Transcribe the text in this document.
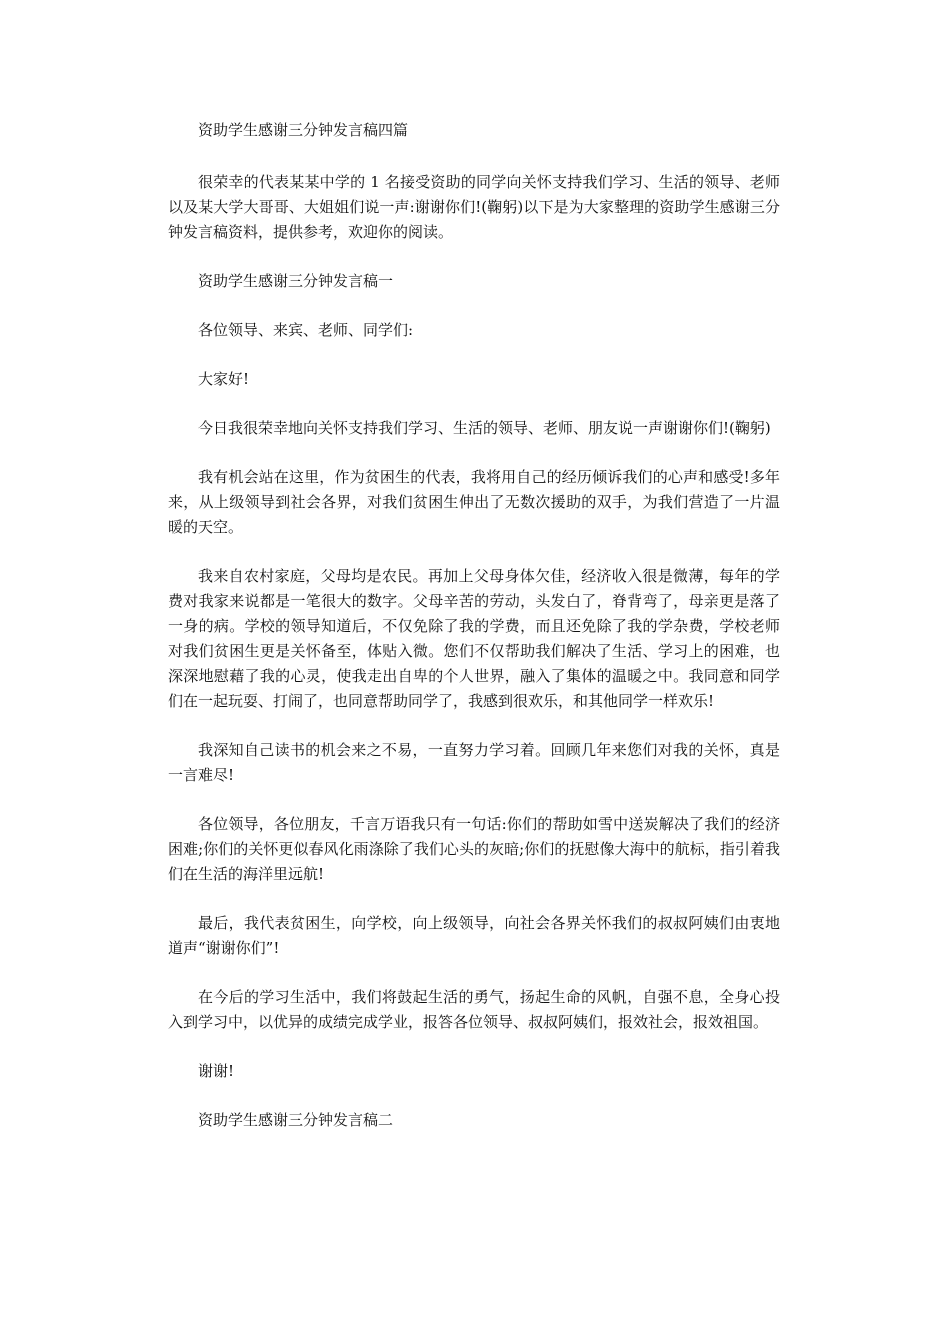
资助学生感谢三分钟发言稿四篇

很荣幸的代表某某中学的 1 名接受资助的同学向关怀支持我们学习、生活的领导、老师以及某大学大哥哥、大姐姐们说一声:谢谢你们!(鞠躬)以下是为大家整理的资助学生感谢三分钟发言稿资料，提供参考，欢迎你的阅读。

资助学生感谢三分钟发言稿一

各位领导、来宾、老师、同学们:

大家好!

今日我很荣幸地向关怀支持我们学习、生活的领导、老师、朋友说一声谢谢你们!(鞠躬)

我有机会站在这里，作为贫困生的代表，我将用自己的经历倾诉我们的心声和感受!多年来，从上级领导到社会各界，对我们贫困生伸出了无数次援助的双手，为我们营造了一片温暖的天空。

我来自农村家庭，父母均是农民。再加上父母身体欠佳，经济收入很是微薄，每年的学费对我家来说都是一笔很大的数字。父母辛苦的劳动，头发白了，脊背弯了，母亲更是落了一身的病。学校的领导知道后，不仅免除了我的学费，而且还免除了我的学杂费，学校老师对我们贫困生更是关怀备至，体贴入微。您们不仅帮助我们解决了生活、学习上的困难，也深深地慰藉了我的心灵，使我走出自卑的个人世界，融入了集体的温暖之中。我同意和同学们在一起玩耍、打闹了，也同意帮助同学了，我感到很欢乐，和其他同学一样欢乐!

我深知自己读书的机会来之不易，一直努力学习着。回顾几年来您们对我的关怀，真是一言难尽!

各位领导，各位朋友，千言万语我只有一句话:你们的帮助如雪中送炭解决了我们的经济困难;你们的关怀更似春风化雨涤除了我们心头的灰暗;你们的抚慰像大海中的航标，指引着我们在生活的海洋里远航!

最后，我代表贫困生，向学校，向上级领导，向社会各界关怀我们的叔叔阿姨们由衷地道声“谢谢你们”!

在今后的学习生活中，我们将鼓起生活的勇气，扬起生命的风帆，自强不息，全身心投入到学习中，以优异的成绩完成学业，报答各位领导、叔叔阿姨们，报效社会，报效祖国。

谢谢!

资助学生感谢三分钟发言稿二
